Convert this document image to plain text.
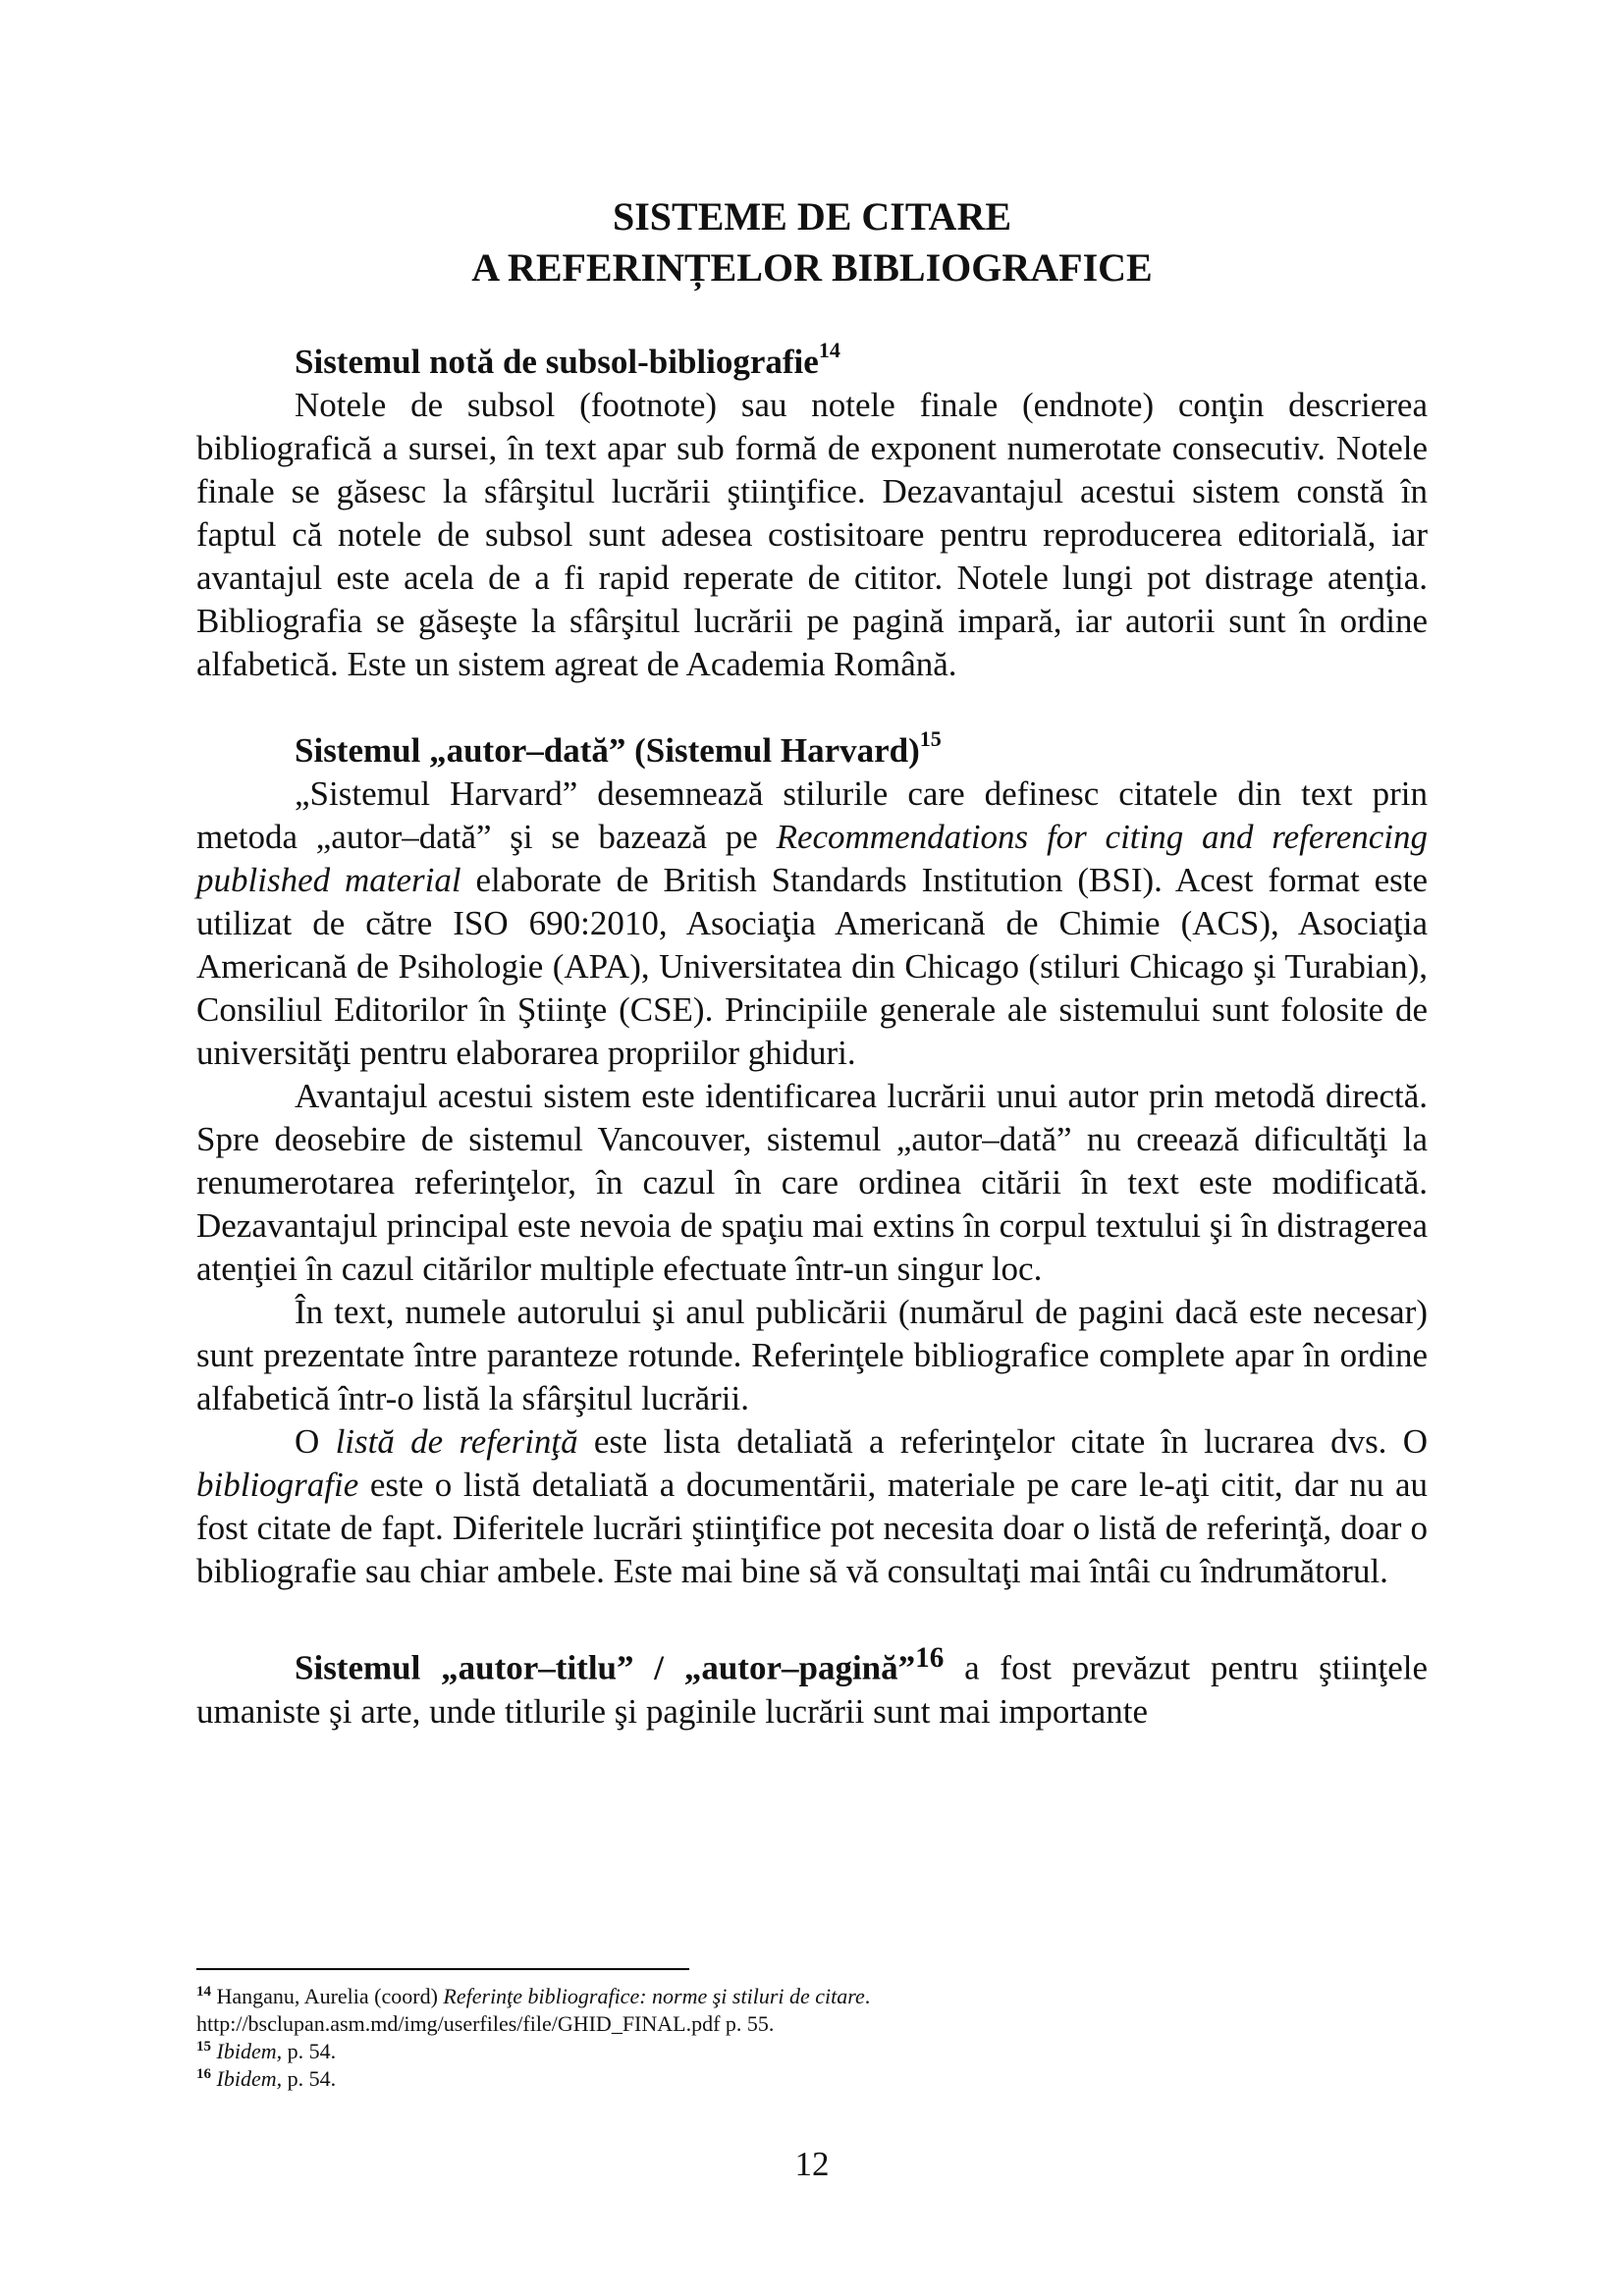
SISTEME DE CITARE
A REFERINȚELOR BIBLIOGRAFICE
Sistemul notă de subsol-bibliografie$^{14}$

Notele de subsol (footnote) sau notele finale (endnote) conţin descrierea bibliografică a sursei, în text apar sub formă de exponent numerotate consecutiv. Notele finale se găsesc la sfârşitul lucrării ştiinţifice. Dezavantajul acestui sistem constă în faptul că notele de subsol sunt adesea costisitoare pentru reproducerea editorială, iar avantajul este acela de a fi rapid reperate de cititor. Notele lungi pot distrage atenţia. Bibliografia se găseşte la sfârşitul lucrării pe pagină impară, iar autorii sunt în ordine alfabetică. Este un sistem agreat de Academia Română.

Sistemul „autor–dată” (Sistemul Harvard)$^{15}$

„Sistemul Harvard” desemnează stilurile care definesc citatele din text prin metoda „autor–dată” şi se bazează pe Recommendations for citing and referencing published material elaborate de British Standards Institution (BSI). Acest format este utilizat de către ISO 690:2010, Asociaţia Americană de Chimie (ACS), Asociaţia Americană de Psihologie (APA), Universitatea din Chicago (stiluri Chicago şi Turabian), Consiliul Editorilor în Ştiinţe (CSE). Principiile generale ale sistemului sunt folosite de universităţi pentru elaborarea propriilor ghiduri.

Avantajul acestui sistem este identificarea lucrării unui autor prin metodă directă. Spre deosebire de sistemul Vancouver, sistemul „autor–dată” nu creează dificultăţi la renumerotarea referinţelor, în cazul în care ordinea citării în text este modificată. Dezavantajul principal este nevoia de spaţiu mai extins în corpul textului şi în distragerea atenţiei în cazul citărilor multiple efectuate într-un singur loc.

În text, numele autorului şi anul publicării (numărul de pagini dacă este necesar) sunt prezentate între paranteze rotunde. Referinţele bibliografice complete apar în ordine alfabetică într-o listă la sfârşitul lucrării.

O listă de referinţă este lista detaliată a referinţelor citate în lucrarea dvs. O bibliografie este o listă detaliată a documentării, materiale pe care le-aţi citit, dar nu au fost citate de fapt. Diferitele lucrări ştiinţifice pot necesita doar o listă de referinţă, doar o bibliografie sau chiar ambele. Este mai bine să vă consultaţi mai întâi cu îndrumătorul.

Sistemul „autor–titlu” / „autor–pagină”$^{16}$ a fost prevăzut pentru ştiinţele umaniste şi arte, unde titlurile şi paginile lucrării sunt mai importante

$^{14}$ Hanganu, Aurelia (coord) Referinţe bibliografice: norme şi stiluri de citare.

http://bsclupan.asm.md/img/userfiles/file/GHID_FINAL.pdf p. 55.

$^{15}$ Ibidem, p. 54.

$^{16}$ Ibidem, p. 54.

12
